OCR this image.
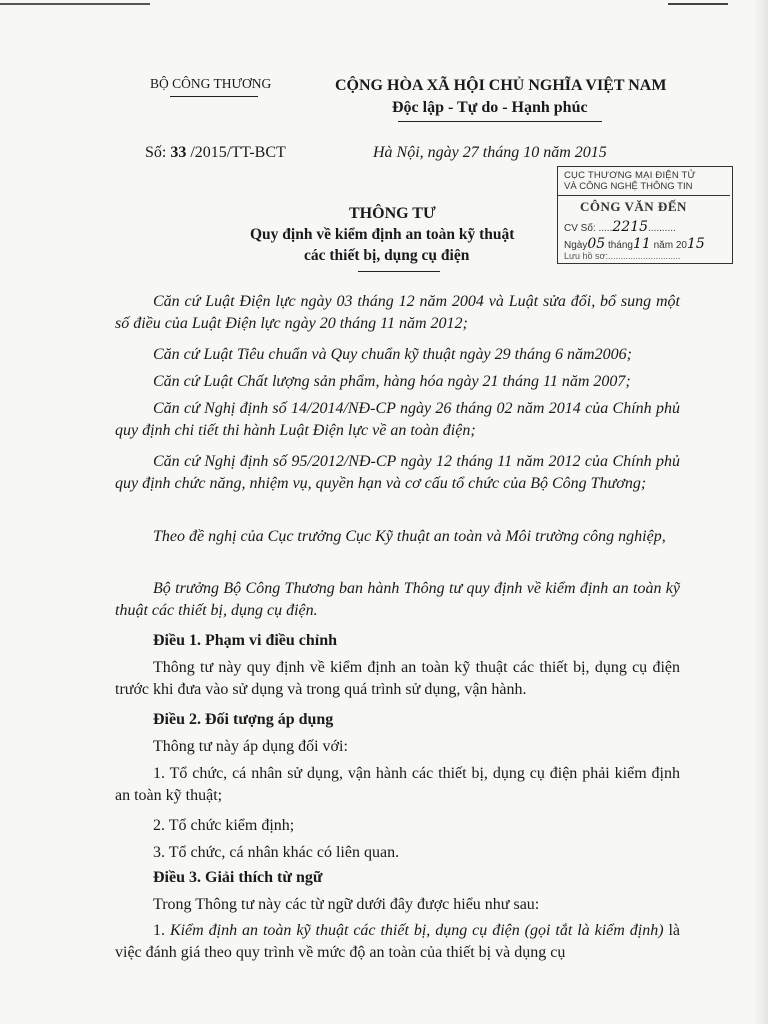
BỘ CÔNG THƯƠNG	CỘNG HÒA XÃ HỘI CHỦ NGHĨA VIỆT NAM
Độc lập - Tự do - Hạnh phúc
Số: 33 /2015/TT-BCT	Hà Nội, ngày 27 tháng 10 năm 2015
CỤC THƯƠNG MẠI ĐIỆN TỬ
VÀ CÔNG NGHỆ THÔNG TIN
CÔNG VĂN ĐẾN
CV Số: .....2215..........
Ngày05 tháng11 năm 2015
Lưu hồ sơ:.............................
THÔNG TƯ
Quy định về kiểm định an toàn kỹ thuật
các thiết bị, dụng cụ điện
Căn cứ Luật Điện lực ngày 03 tháng 12 năm 2004 và Luật sửa đổi, bổ sung một số điều của Luật Điện lực ngày 20 tháng 11 năm 2012;
Căn cứ Luật Tiêu chuẩn và Quy chuẩn kỹ thuật ngày 29 tháng 6 năm2006;
Căn cứ Luật Chất lượng sản phẩm, hàng hóa ngày 21 tháng 11 năm 2007;
Căn cứ Nghị định số 14/2014/NĐ-CP ngày 26 tháng 02 năm 2014 của Chính phủ quy định chi tiết thi hành Luật Điện lực về an toàn điện;
Căn cứ Nghị định số 95/2012/NĐ-CP ngày 12 tháng 11 năm 2012 của Chính phủ quy định chức năng, nhiệm vụ, quyền hạn và cơ cấu tổ chức của Bộ Công Thương;
Theo đề nghị của Cục trưởng Cục Kỹ thuật an toàn và Môi trường công nghiệp,
Bộ trưởng Bộ Công Thương ban hành Thông tư quy định về kiểm định an toàn kỹ thuật các thiết bị, dụng cụ điện.
Điều 1. Phạm vi điều chỉnh
Thông tư này quy định về kiểm định an toàn kỹ thuật các thiết bị, dụng cụ điện trước khi đưa vào sử dụng và trong quá trình sử dụng, vận hành.
Điều 2. Đối tượng áp dụng
Thông tư này áp dụng đối với:
1. Tổ chức, cá nhân sử dụng, vận hành các thiết bị, dụng cụ điện phải kiểm định an toàn kỹ thuật;
2. Tổ chức kiểm định;
3. Tổ chức, cá nhân khác có liên quan.
Điều 3. Giải thích từ ngữ
Trong Thông tư này các từ ngữ dưới đây được hiểu như sau:
1. Kiểm định an toàn kỹ thuật các thiết bị, dụng cụ điện (gọi tắt là kiểm định) là việc đánh giá theo quy trình về mức độ an toàn của thiết bị và dụng cụ
